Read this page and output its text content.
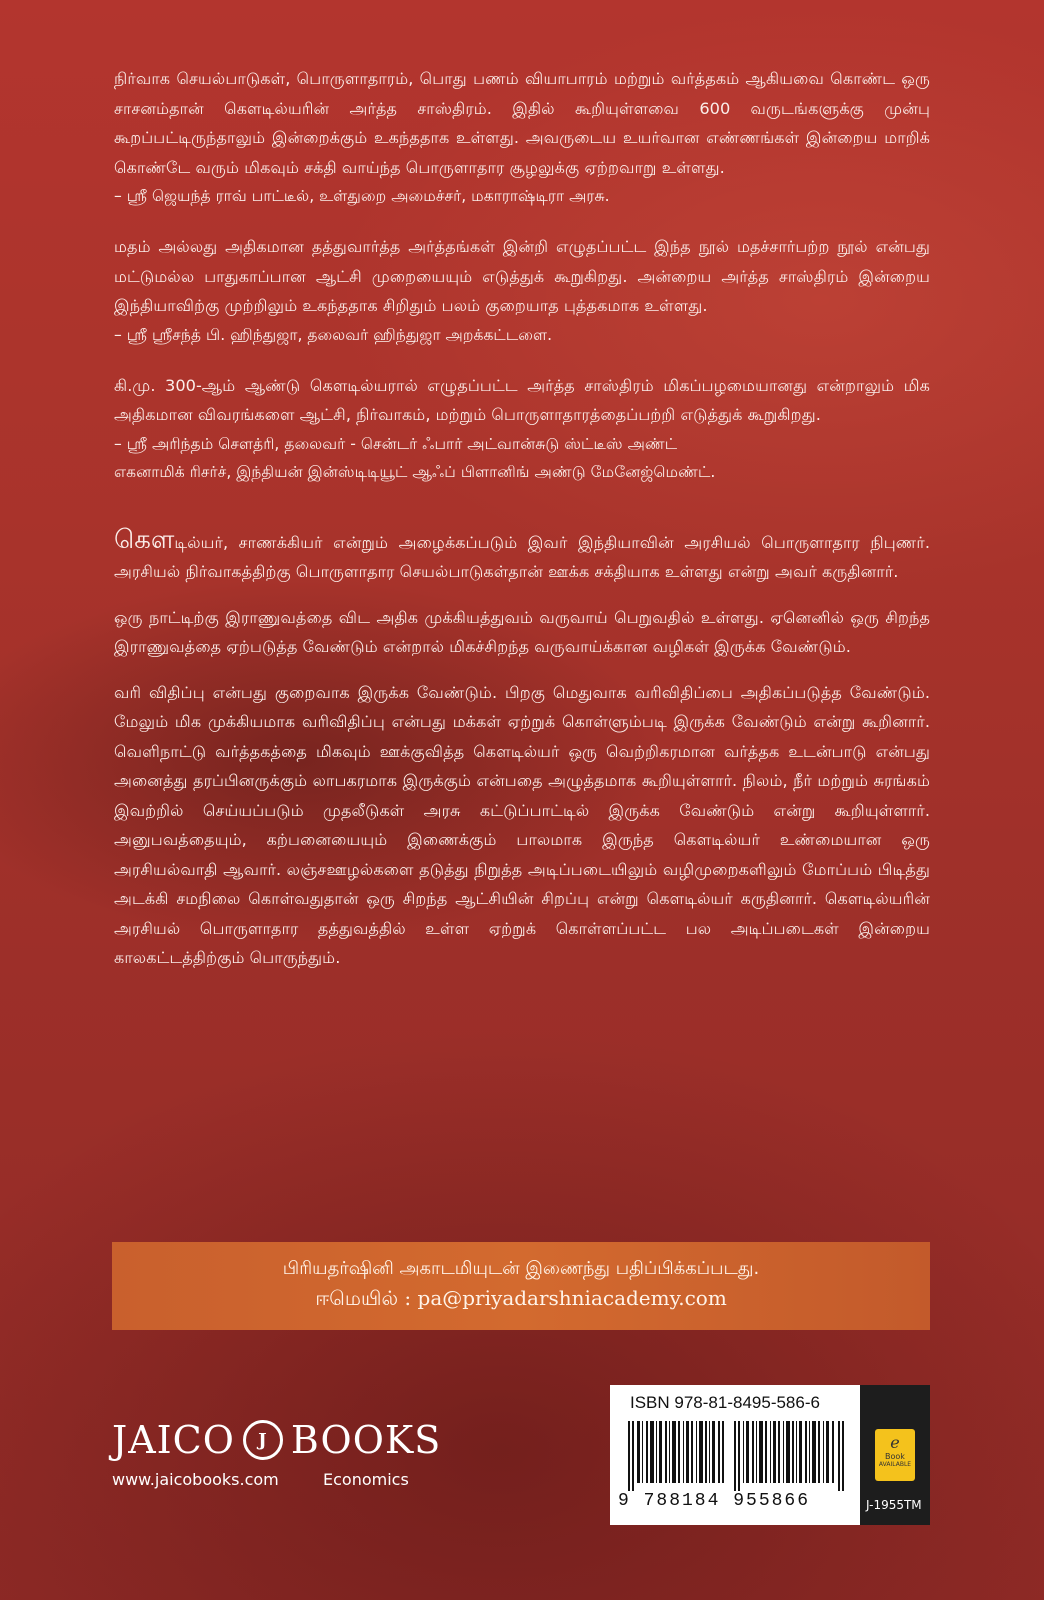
நிர்வாக செயல்பாடுகள், பொருளாதாரம், பொது பணம் வியாபாரம் மற்றும் வர்த்தகம் ஆகியவை கொண்ட ஒரு சாசனம்தான் கௌடில்யரின் அர்த்த சாஸ்திரம். இதில் கூறியுள்ளவை 600 வருடங்களுக்கு முன்பு கூறப்பட்டிருந்தாலும் இன்றைக்கும் உகந்ததாக உள்ளது. அவருடைய உயர்வான எண்ணங்கள் இன்றைய மாறிக் கொண்டே வரும் மிகவும் சக்தி வாய்ந்த பொருளாதார சூழலுக்கு ஏற்றவாறு உள்ளது.

– ஸ்ரீ ஜெயந்த் ராவ் பாட்டீல், உள்துறை அமைச்சர், மகாராஷ்டிரா அரசு.

மதம் அல்லது அதிகமான தத்துவார்த்த அர்த்தங்கள் இன்றி எழுதப்பட்ட இந்த நூல் மதச்சார்பற்ற நூல் என்பது மட்டுமல்ல பாதுகாப்பான ஆட்சி முறையையும் எடுத்துக் கூறுகிறது. அன்றைய அர்த்த சாஸ்திரம் இன்றைய இந்தியாவிற்கு முற்றிலும் உகந்ததாக சிறிதும் பலம் குறையாத புத்தகமாக உள்ளது.

– ஸ்ரீ ஸ்ரீசந்த் பி. ஹிந்துஜா, தலைவர் ஹிந்துஜா அறக்கட்டளை.

கி.மு. 300-ஆம் ஆண்டு கௌடில்யரால் எழுதப்பட்ட அர்த்த சாஸ்திரம் மிகப்பழமையானது என்றாலும் மிக அதிகமான விவரங்களை ஆட்சி, நிர்வாகம், மற்றும் பொருளாதாரத்தைப்பற்றி எடுத்துக் கூறுகிறது.

– ஸ்ரீ அரிந்தம் சௌத்ரி, தலைவர் - சென்டர் ஃபார் அட்வான்சுடு ஸ்ட்டீஸ் அண்ட்

எகனாமிக் ரிசர்ச், இந்தியன் இன்ஸ்டிடியூட் ஆஃப் பிளானிங் அண்டு மேனேஜ்மெண்ட்.

கௌடில்யர், சாணக்கியர் என்றும் அழைக்கப்படும் இவர் இந்தியாவின் அரசியல் பொருளாதார நிபுணர். அரசியல் நிர்வாகத்திற்கு பொருளாதார செயல்பாடுகள்தான் ஊக்க சக்தியாக உள்ளது என்று அவர் கருதினார்.

ஒரு நாட்டிற்கு இராணுவத்தை விட அதிக முக்கியத்துவம் வருவாய் பெறுவதில் உள்ளது. ஏனெனில் ஒரு சிறந்த இராணுவத்தை ஏற்படுத்த வேண்டும் என்றால் மிகச்சிறந்த வருவாய்க்கான வழிகள் இருக்க வேண்டும்.

வரி விதிப்பு என்பது குறைவாக இருக்க வேண்டும். பிறகு மெதுவாக வரிவிதிப்பை அதிகப்படுத்த வேண்டும். மேலும் மிக முக்கியமாக வரிவிதிப்பு என்பது மக்கள் ஏற்றுக் கொள்ளும்படி இருக்க வேண்டும் என்று கூறினார். வெளிநாட்டு வர்த்தகத்தை மிகவும் ஊக்குவித்த கௌடில்யர் ஒரு வெற்றிகரமான வர்த்தக உடன்பாடு என்பது அனைத்து தரப்பினருக்கும் லாபகரமாக இருக்கும் என்பதை அழுத்தமாக கூறியுள்ளார். நிலம், நீர் மற்றும் சுரங்கம் இவற்றில் செய்யப்படும் முதலீடுகள் அரசு கட்டுப்பாட்டில் இருக்க வேண்டும் என்று கூறியுள்ளார். அனுபவத்தையும், கற்பனையையும் இணைக்கும் பாலமாக இருந்த கௌடில்யர் உண்மையான ஒரு அரசியல்வாதி ஆவார். லஞ்சஊழல்களை தடுத்து நிறுத்த அடிப்படையிலும் வழிமுறைகளிலும் மோப்பம் பிடித்து அடக்கி சமநிலை கொள்வதுதான் ஒரு சிறந்த ஆட்சியின் சிறப்பு என்று கௌடில்யர் கருதினார். கௌடில்யரின் அரசியல் பொருளாதார தத்துவத்தில் உள்ள ஏற்றுக் கொள்ளப்பட்ட பல அடிப்படைகள் இன்றைய காலகட்டத்திற்கும் பொருந்தும்.

பிரியதர்ஷினி அகாடமியுடன் இணைந்து பதிப்பிக்கப்படது.
ஈமெயில் : pa@priyadarshniacademy.com
JAICO	J BOOKS
www.jaicobooks.com	Economics
ISBN 978-81-8495-586-6
9 788184 955866
e
Book
AVAILABLE
J-1955TM
